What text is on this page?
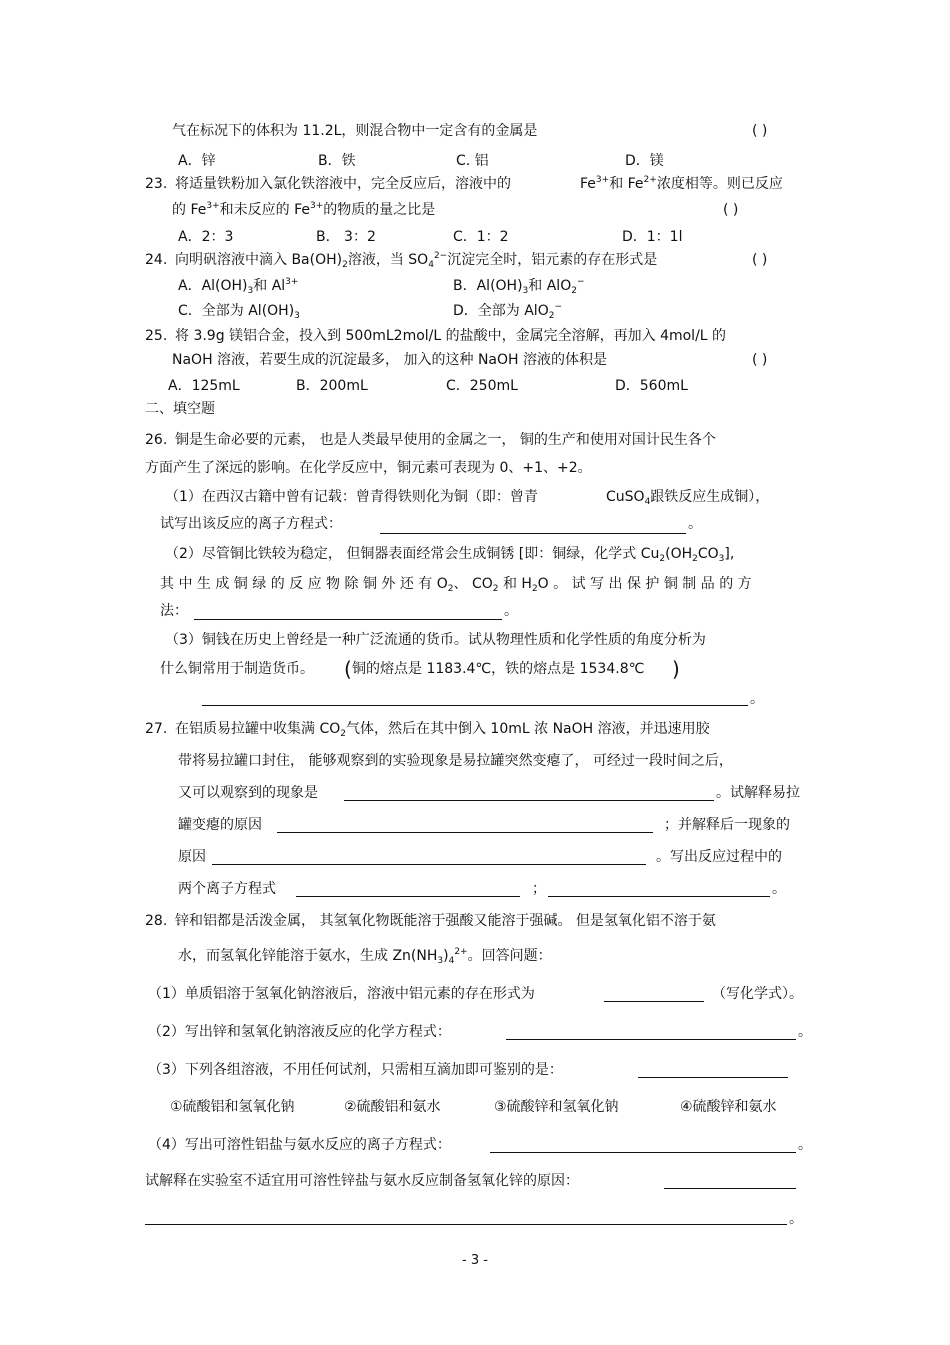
气在标况下的体积为 11.2L，则混合物中一定含有的金属是	( )
A．锌	B．铁	C. 铝	D．镁
23. 将适量铁粉加入氯化铁溶液中，完全反应后，溶液中的	$Fe^{3+}$和 $Fe^{2+}$浓度相等。则已反应
的 $Fe^{3+}$和未反应的 $Fe^{3+}$的物质的量之比是	( )
A．2：3	B． 3：2	C．1：2	D．1：1l
24. 向明矾溶液中滴入 $Ba(OH)_2$溶液，当 $SO_4^{2-}$沉淀完全时，铝元素的存在形式是	( )
A．$Al(OH)_3$和 $Al^{3+}$	B．$Al(OH)_3$和 AlO$_2$−
C．全部为 $Al(OH)_3$	D．全部为 AlO$_2$−
25. 将 3.9g 镁铝合金，投入到 500mL2mol/L 的盐酸中，金属完全溶解，再加入 4mol/L 的
NaOH 溶液，若要生成的沉淀最多， 加入的这种 NaOH 溶液的体积是	( )
A．125mL	B．200mL	C．250mL	D．560mL
二、填空题
26. 铜是生命必要的元素， 也是人类最早使用的金属之一， 铜的生产和使用对国计民生各个
方面产生了深远的影响。在化学反应中，铜元素可表现为 0、+1、+2。
（1）在西汉古籍中曾有记载：曾青得铁则化为铜（即：曾青	CuSO$_4$跟铁反应生成铜），
试写出该反应的离子方程式：	。
（2）尽管铜比铁较为稳定， 但铜器表面经常会生成铜锈 [即：铜绿，化学式 $Cu_2(OH_2CO_3]$,
其 中 生 成 铜 绿 的 反 应 物 除 铜 外 还 有 $O_2$、 $CO_2$ 和 $H_2O$ 。 试 写 出 保 护 铜 制 品 的 方
法：	。
（3）铜钱在历史上曾经是一种广泛流通的货币。试从物理性质和化学性质的角度分析为
什么铜常用于制造货币。 ( 铜的熔点是 1183.4℃，铁的熔点是 1534.8℃ )
。
27. 在铝质易拉罐中收集满 $CO_2$气体，然后在其中倒入 10mL 浓 NaOH 溶液，并迅速用胶
带将易拉罐口封住， 能够观察到的实验现象是易拉罐突然变瘪了， 可经过一段时间之后，
又可以观察到的现象是	。试解释易拉
罐变瘪的原因	；并解释后一现象的
原因	。写出反应过程中的
两个离子方程式	；	。
28. 锌和铝都是活泼金属， 其氢氧化物既能溶于强酸又能溶于强碱。 但是氢氧化铝不溶于氨
水，而氢氧化锌能溶于氨水，生成 $Zn(NH_3)_4^{2+}$。回答问题：
（1）单质铝溶于氢氧化钠溶液后，溶液中铝元素的存在形式为	（写化学式）。
（2）写出锌和氢氧化钠溶液反应的化学方程式：	。
（3）下列各组溶液，不用任何试剂，只需相互滴加即可鉴别的是：
①硫酸铝和氢氧化钠	②硫酸铝和氨水	③硫酸锌和氢氧化钠	④硫酸锌和氨水
（4）写出可溶性铝盐与氨水反应的离子方程式：	。
试解释在实验室不适宜用可溶性锌盐与氨水反应制备氢氧化锌的原因：
。
- 3 -
